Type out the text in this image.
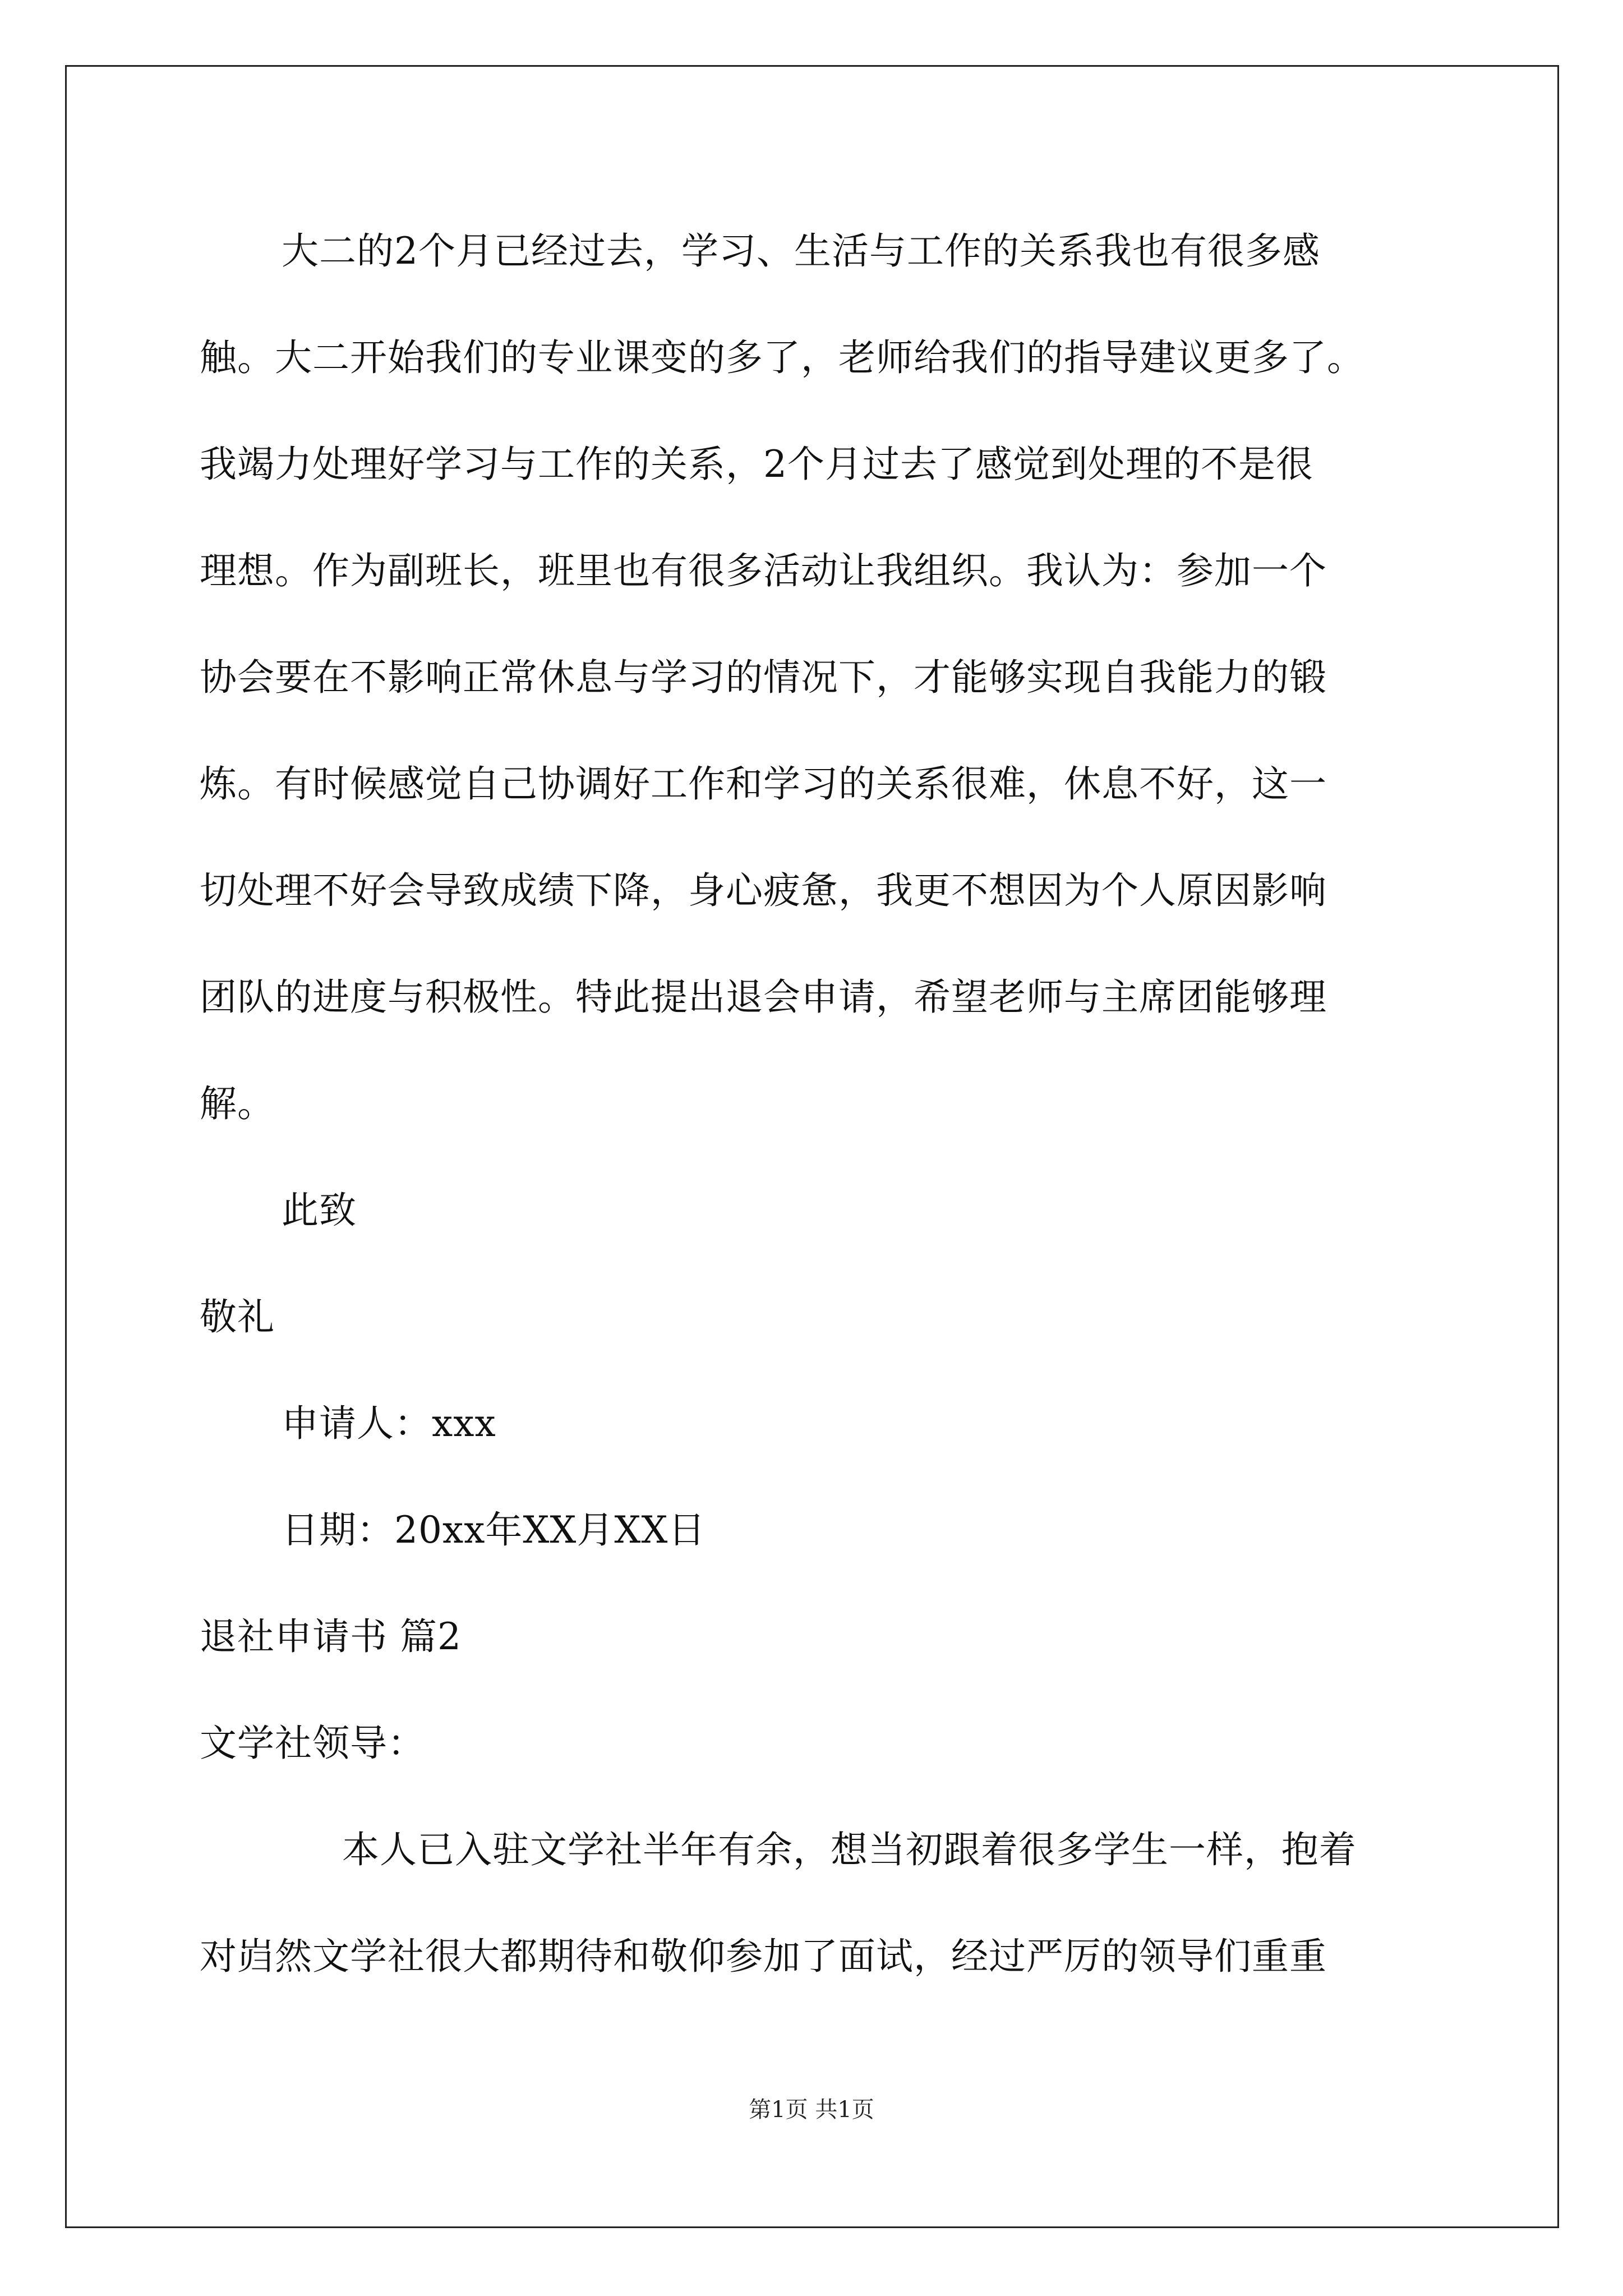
大二的2个月已经过去，学习、生活与工作的关系我也有很多感
触。大二开始我们的专业课变的多了，老师给我们的指导建议更多了。
我竭力处理好学习与工作的关系，2个月过去了感觉到处理的不是很
理想。作为副班长，班里也有很多活动让我组织。我认为：参加一个
协会要在不影响正常休息与学习的情况下，才能够实现自我能力的锻
炼。有时候感觉自己协调好工作和学习的关系很难，休息不好，这一
切处理不好会导致成绩下降，身心疲惫，我更不想因为个人原因影响
团队的进度与积极性。特此提出退会申请，希望老师与主席团能够理
解。
此致
敬礼
申请人：xxx
日期：20xx年XX月XX日
退社申请书 篇2
文学社领导：
本人已入驻文学社半年有余，想当初跟着很多学生一样，抱着
对岿然文学社很大都期待和敬仰参加了面试，经过严厉的领导们重重
第1页 共1页
